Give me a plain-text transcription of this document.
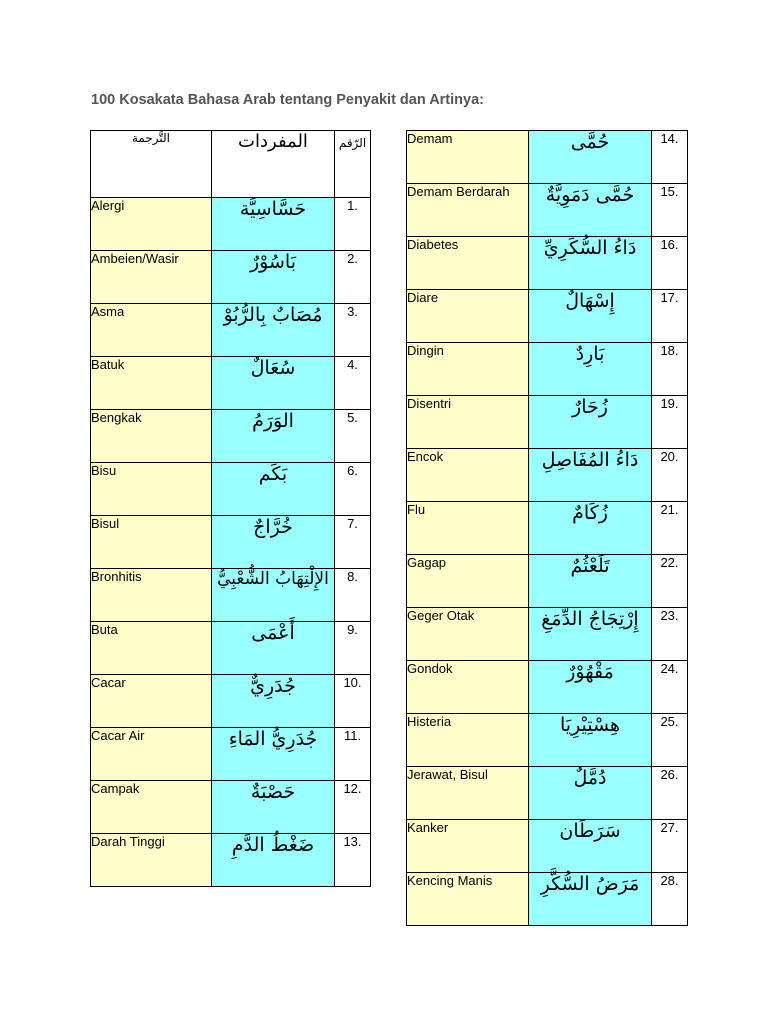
100 Kosakata Bahasa Arab tentang Penyakit dan Artinya:
التَّرجمة	المفردات	الرّقم
Alergi	حَسَّاسِيَّة	1.
Ambeien/Wasir	بَاسُوْرٌ	2.
Asma	مُصَابٌ بِالرُّبُوْ	3.
Batuk	سُعَالٌ	4.
Bengkak	الوَرَمُ	5.
Bisu	بَكَم	6.
Bisul	خُرَّاجٌ	7.
Bronhitis	الإِلْتِهَابُ الشُّعْبِيُّ	8.
Buta	أَعْمَى	9.
Cacar	جُدَرِيٌّ	10.
Cacar Air	جُدَرِيُّ المَاءِ	11.
Campak	حَصْبَةٌ	12.
Darah Tinggi	ضَغْطُ الدَّمِ	13.
Demam	حُمَّى	14.
Demam Berdarah	حُمَّى دَمَوِيَّةٌ	15.
Diabetes	دَاءُ السُّكَرِيِّ	16.
Diare	إِسْهَالٌ	17.
Dingin	بَارِدٌ	18.
Disentri	زُحَارٌ	19.
Encok	دَاءُ المُفَاصِلِ	20.
Flu	زُكَامٌ	21.
Gagap	تَلَعْثُمٌ	22.
Geger Otak	إِرْتِجَاجُ الدِّمَغِ	23.
Gondok	مَقْهُوْرٌ	24.
Histeria	هِسْتِيْرِيَا	25.
Jerawat, Bisul	دُمَّلٌ	26.
Kanker	سَرَطَان	27.
Kencing Manis	مَرَضُ السُّكَّرِ	28.
